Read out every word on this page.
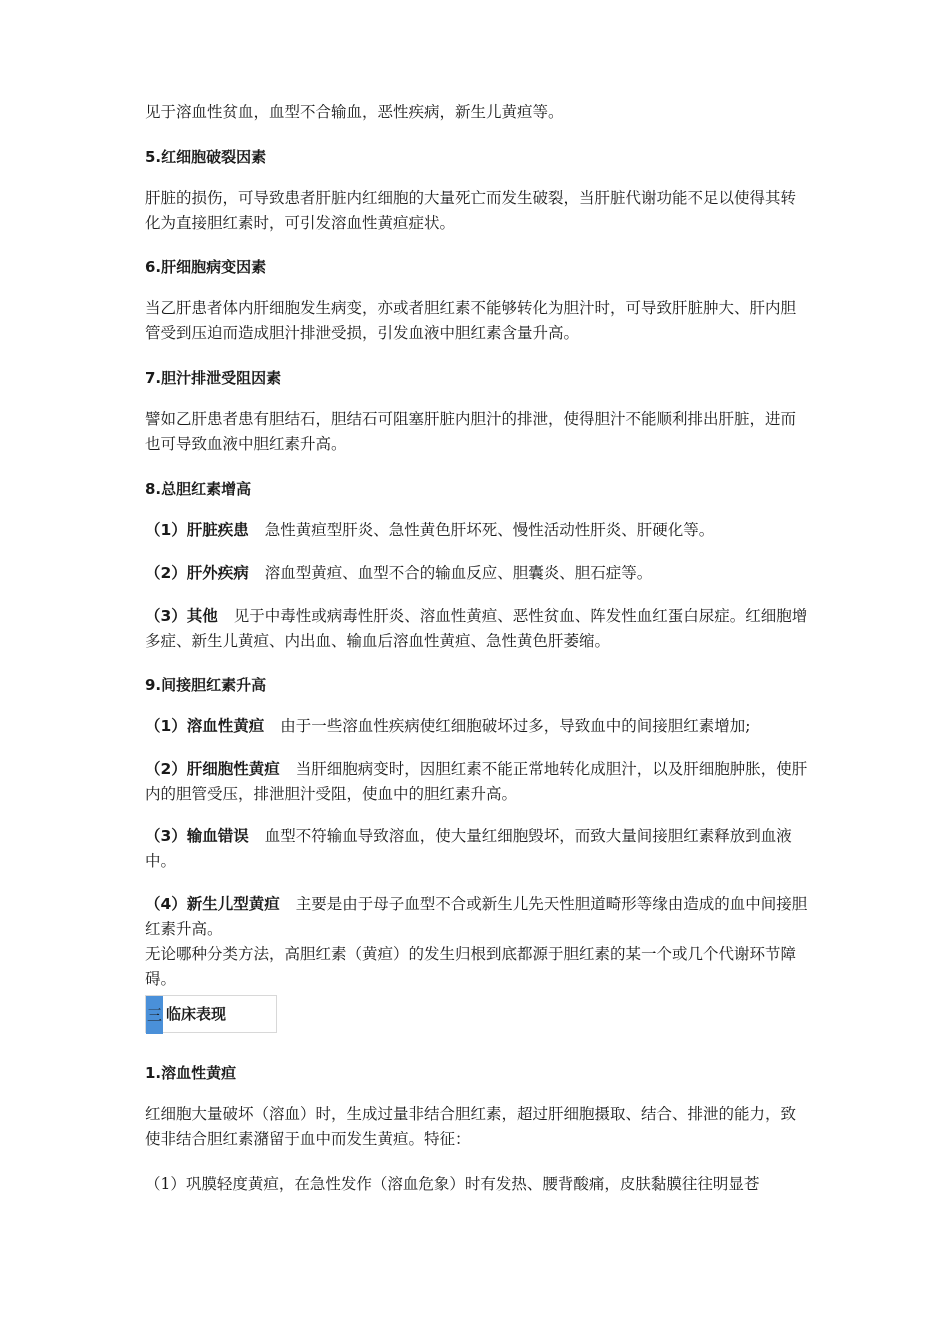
见于溶血性贫血，血型不合输血，恶性疾病，新生儿黄疸等。

5.红细胞破裂因素

肝脏的损伤，可导致患者肝脏内红细胞的大量死亡而发生破裂，当肝脏代谢功能不足以使得其转化为直接胆红素时，可引发溶血性黄疸症状。

6.肝细胞病变因素

当乙肝患者体内肝细胞发生病变，亦或者胆红素不能够转化为胆汁时，可导致肝脏肿大、肝内胆管受到压迫而造成胆汁排泄受损，引发血液中胆红素含量升高。

7.胆汁排泄受阻因素

譬如乙肝患者患有胆结石，胆结石可阻塞肝脏内胆汁的排泄，使得胆汁不能顺利排出肝脏，进而也可导致血液中胆红素升高。

8.总胆红素增高

（1）肝脏疾患 急性黄疸型肝炎、急性黄色肝坏死、慢性活动性肝炎、肝硬化等。

（2）肝外疾病 溶血型黄疸、血型不合的输血反应、胆囊炎、胆石症等。

（3）其他 见于中毒性或病毒性肝炎、溶血性黄疸、恶性贫血、阵发性血红蛋白尿症。红细胞增多症、新生儿黄疸、内出血、输血后溶血性黄疸、急性黄色肝萎缩。

9.间接胆红素升高

（1）溶血性黄疸 由于一些溶血性疾病使红细胞破坏过多，导致血中的间接胆红素增加;

（2）肝细胞性黄疸 当肝细胞病变时，因胆红素不能正常地转化成胆汁，以及肝细胞肿胀，使肝内的胆管受压，排泄胆汁受阻，使血中的胆红素升高。

（3）输血错误 血型不符输血导致溶血，使大量红细胞毁坏，而致大量间接胆红素释放到血液中。

（4）新生儿型黄疸 主要是由于母子血型不合或新生儿先天性胆道畸形等缘由造成的血中间接胆红素升高。

无论哪种分类方法，高胆红素（黄疸）的发生归根到底都源于胆红素的某一个或几个代谢环节障碍。

三 临床表现

1.溶血性黄疸

红细胞大量破坏（溶血）时，生成过量非结合胆红素，超过肝细胞摄取、结合、排泄的能力，致使非结合胆红素潴留于血中而发生黄疸。特征：

（1）巩膜轻度黄疸，在急性发作（溶血危象）时有发热、腰背酸痛，皮肤黏膜往往明显苍
